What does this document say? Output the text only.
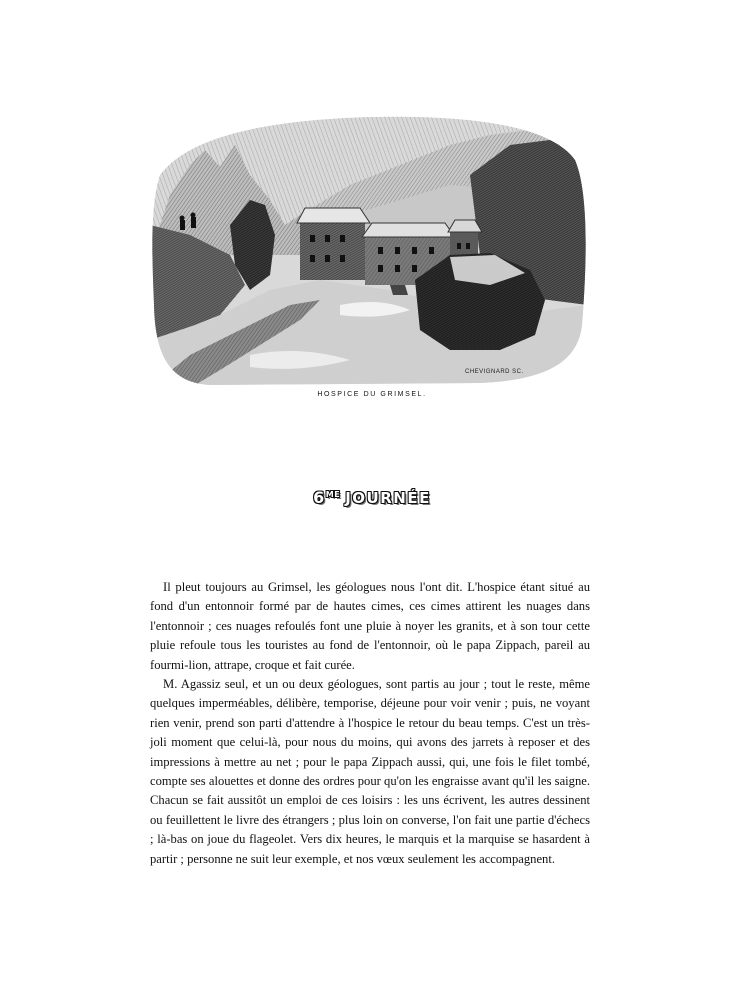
CHEVIGNARD SC.
HOSPICE DU GRIMSEL.
$6^{ME}$ JOURNÉE

Il pleut toujours au Grimsel, les géologues nous l'ont dit. L'hospice étant situé au fond d'un entonnoir formé par de hautes cimes, ces cimes attirent les nuages dans l'entonnoir ; ces nuages refoulés font une pluie à noyer les granits, et à son tour cette pluie refoule tous les touristes au fond de l'entonnoir, où le papa Zippach, pareil au fourmi-lion, attrape, croque et fait curée.

M. Agassiz seul, et un ou deux géologues, sont partis au jour ; tout le reste, même quelques imperméables, délibère, temporise, déjeune pour voir venir ; puis, ne voyant rien venir, prend son parti d'attendre à l'hospice le retour du beau temps. C'est un très-joli moment que celui-là, pour nous du moins, qui avons des jarrets à reposer et des impressions à mettre au net ; pour le papa Zippach aussi, qui, une fois le filet tombé, compte ses alouettes et donne des ordres pour qu'on les engraisse avant qu'il les saigne. Chacun se fait aussitôt un emploi de ces loisirs : les uns écrivent, les autres dessinent ou feuillettent le livre des étrangers ; plus loin on converse, l'on fait une partie d'échecs ; là-bas on joue du flageolet. Vers dix heures, le marquis et la marquise se hasardent à partir ; personne ne suit leur exemple, et nos vœux seulement les accompagnent.
